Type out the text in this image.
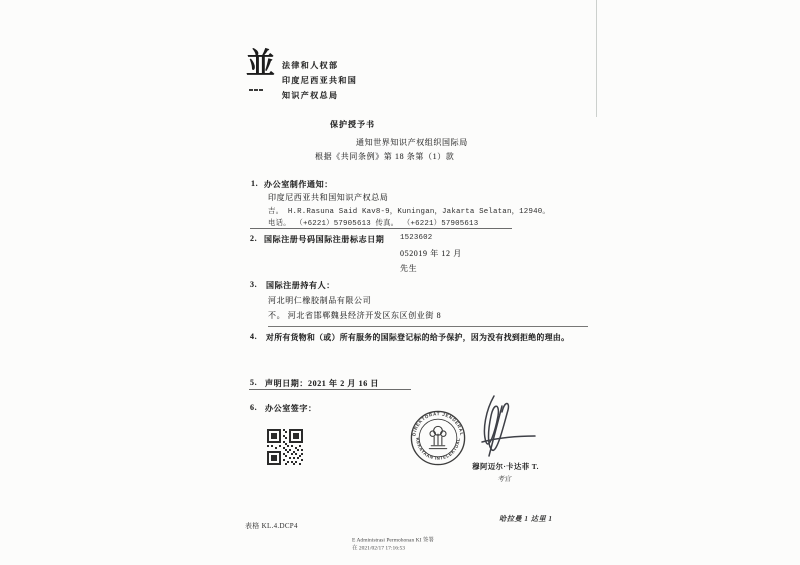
並 法律和人权部
印度尼西亚共和国
知识产权总局
保护授予书
通知世界知识产权组织国际局
根据《共同条例》第 18 条第（1）款
1. 办公室制作通知：
印度尼西亚共和国知识产权总局
吉。 H.R.Rasuna Said Kav8-9，Kuningan，Jakarta Selatan，12940。
电话。 （+6221）57905613 传真。 （+6221）57905613
2. 国际注册号码国际注册标志日期 1523602
052019 年 12 月
先生
3. 国际注册持有人：
河北明仁橡胶制品有限公司
不。 河北省邯郸魏县经济开发区东区创业街 8
4. 对所有货物和（或）所有服务的国际登记标的给予保护，因为没有找到拒绝的理由。
5. 声明日期：2021 年 2 月 16 日
6. 办公室签字：
DIREKTORAT JENDERAL
KEKAYAAN INTELEKTUAL
穆阿迈尔·卡达菲 T.
考官
表格 KL.4.DCP4
哈拉曼 1 达里 1
E Administrasi Permohonan KI 签署
在 2021/02/17 17:16:53
